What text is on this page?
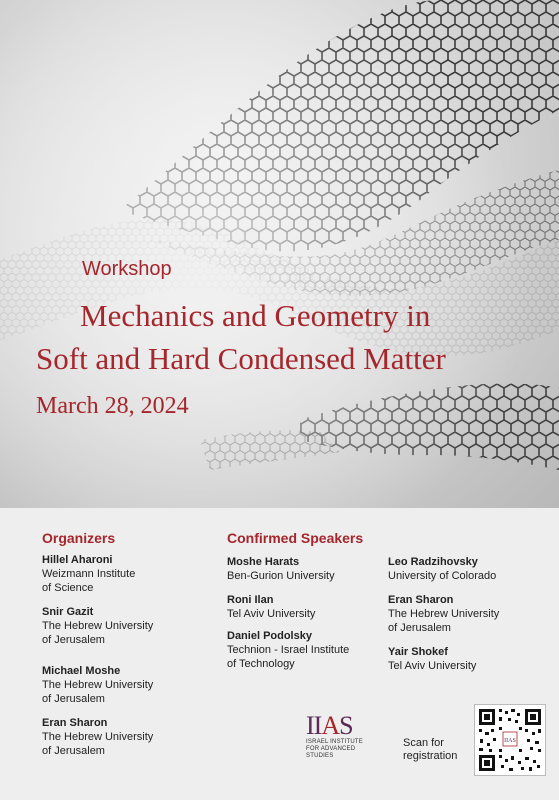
Workshop
Mechanics and Geometry in
Soft and Hard Condensed Matter
March 28, 2024
Organizers
Hillel Aharoni
Weizmann Institute
of Science
Snir Gazit
The Hebrew University
of Jerusalem
Michael Moshe
The Hebrew University
of Jerusalem
Eran Sharon
The Hebrew University
of Jerusalem
Confirmed Speakers
Moshe Harats
Ben-Gurion University
Roni Ilan
Tel Aviv University
Daniel Podolsky
Technion - Israel Institute
of Technology
Leo Radzihovsky
University of Colorado
Eran Sharon
The Hebrew University
of Jerusalem
Yair Shokef
Tel Aviv University
IIAS
ISRAEL INSTITUTE
FOR ADVANCED STUDIES
Scan for
registration
IIAS
